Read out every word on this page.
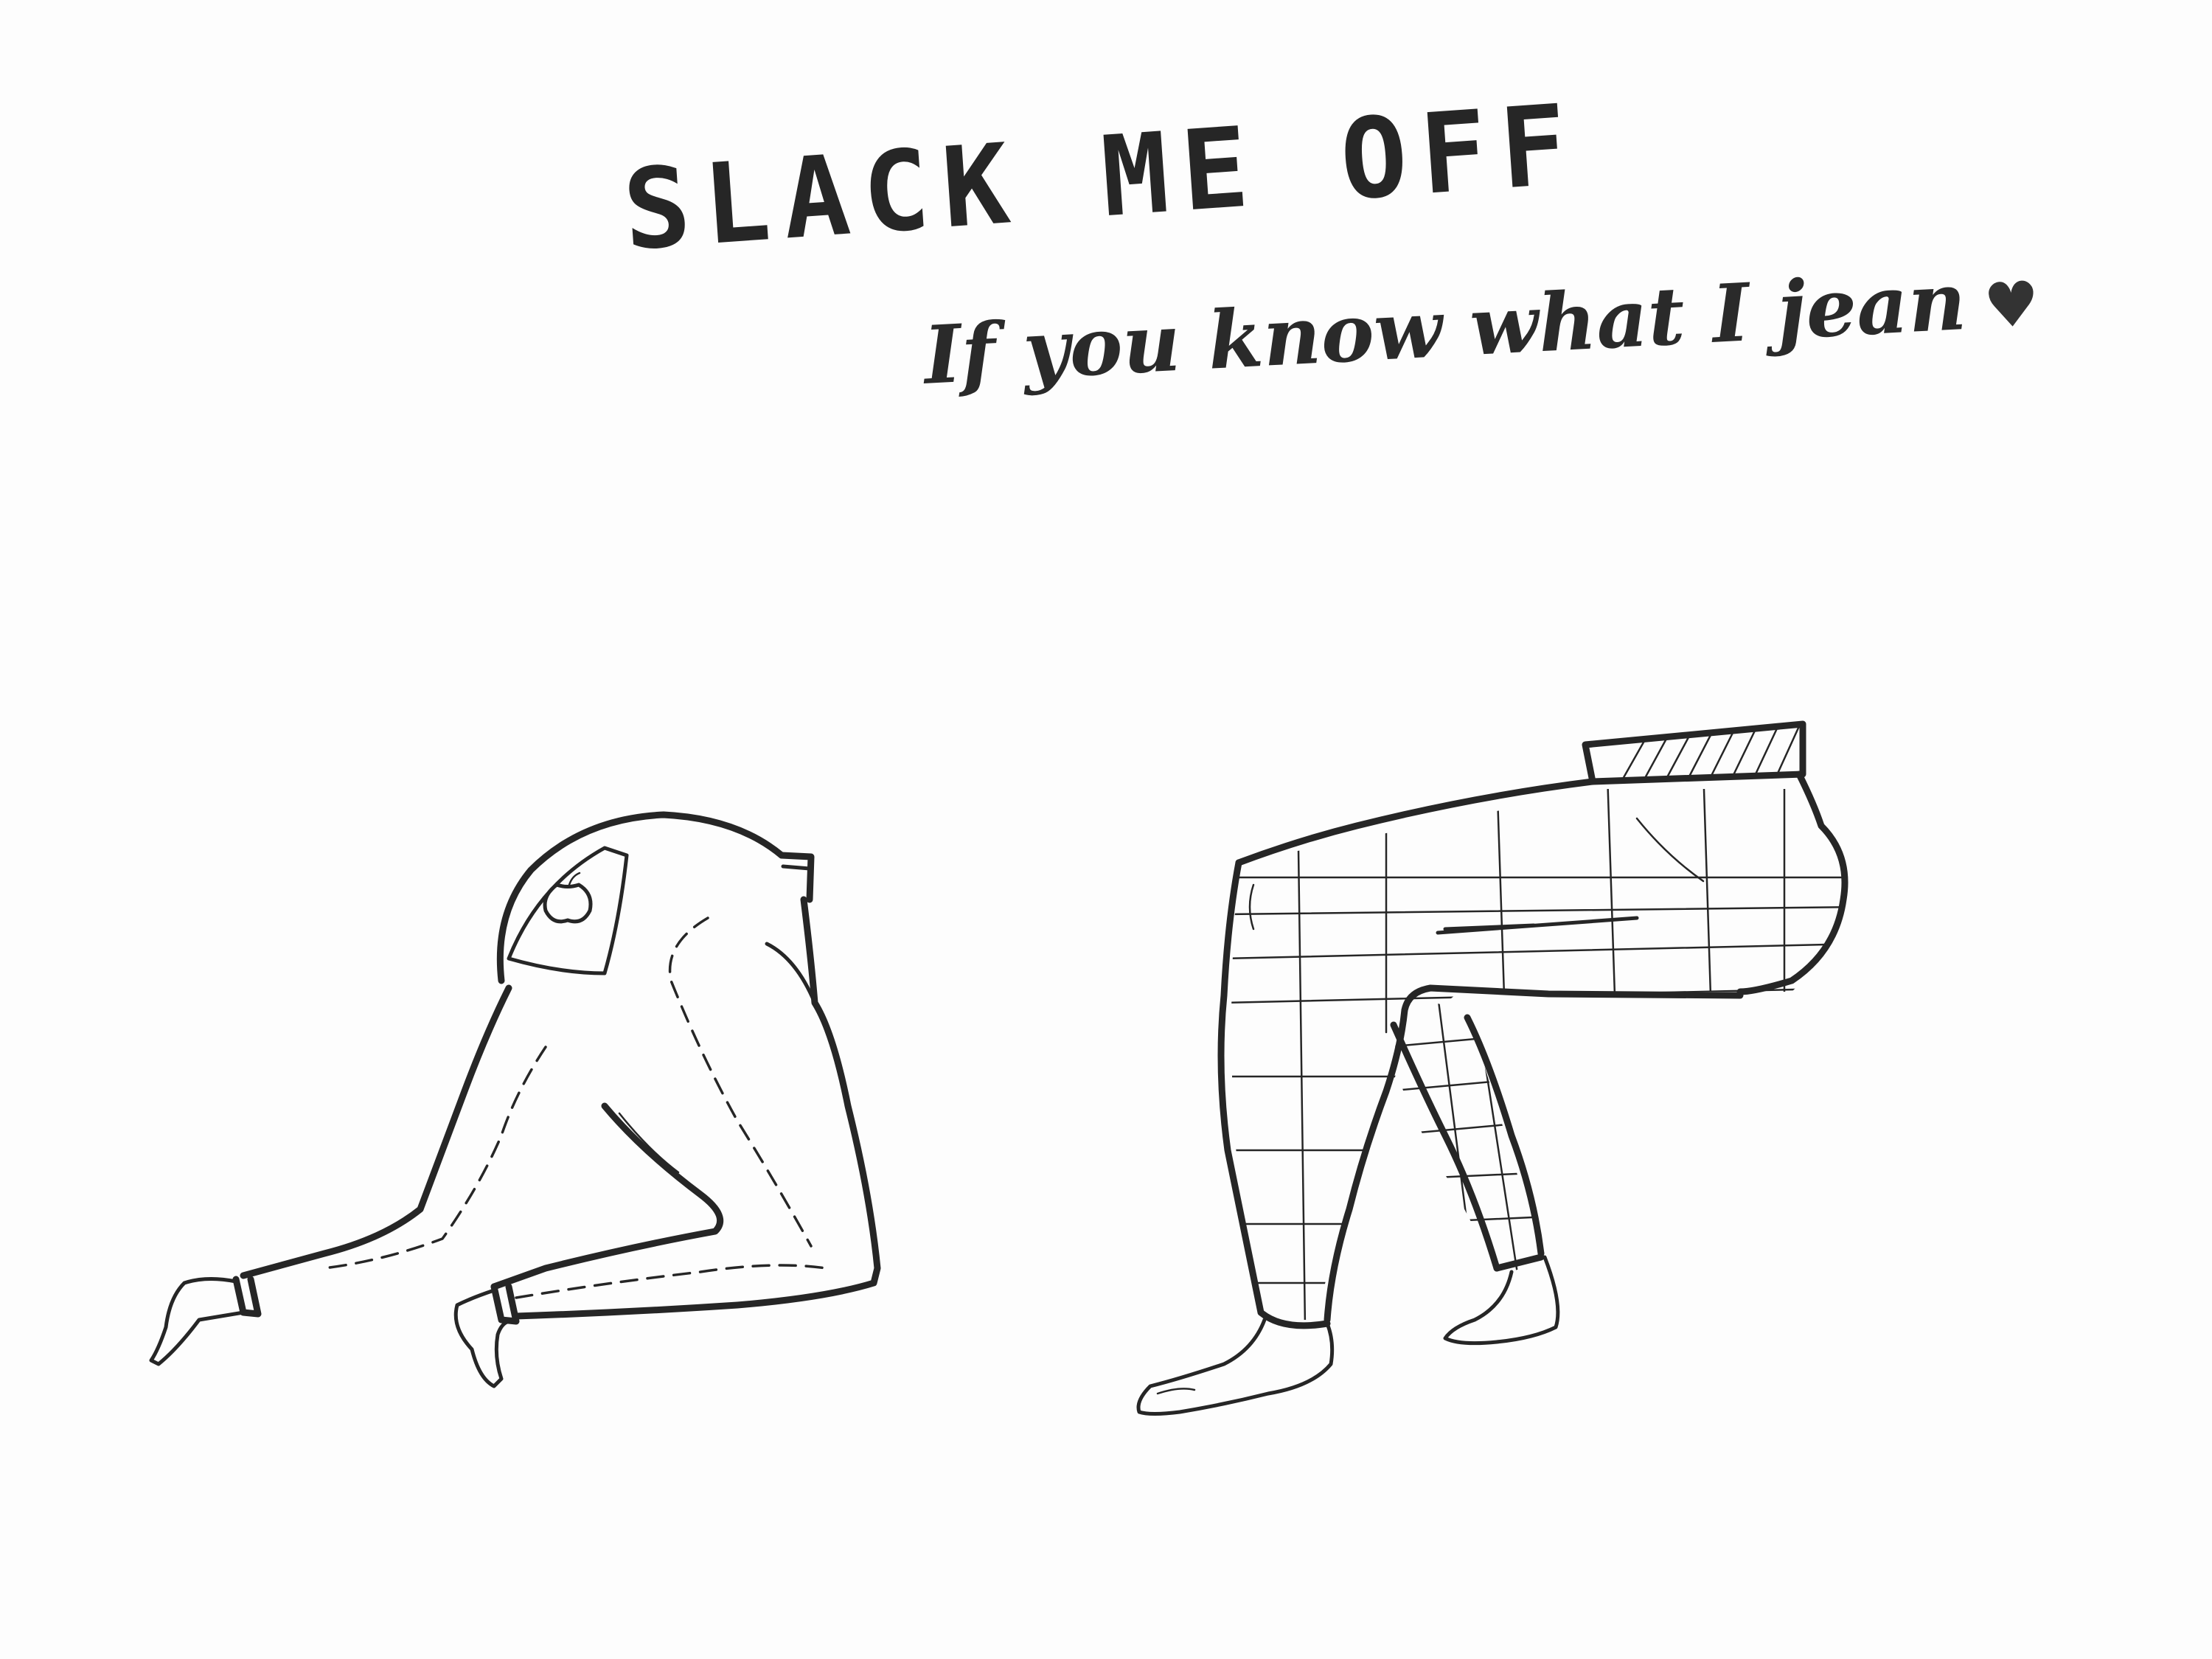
SLACK ME OFF

If you know what I jean ♥
